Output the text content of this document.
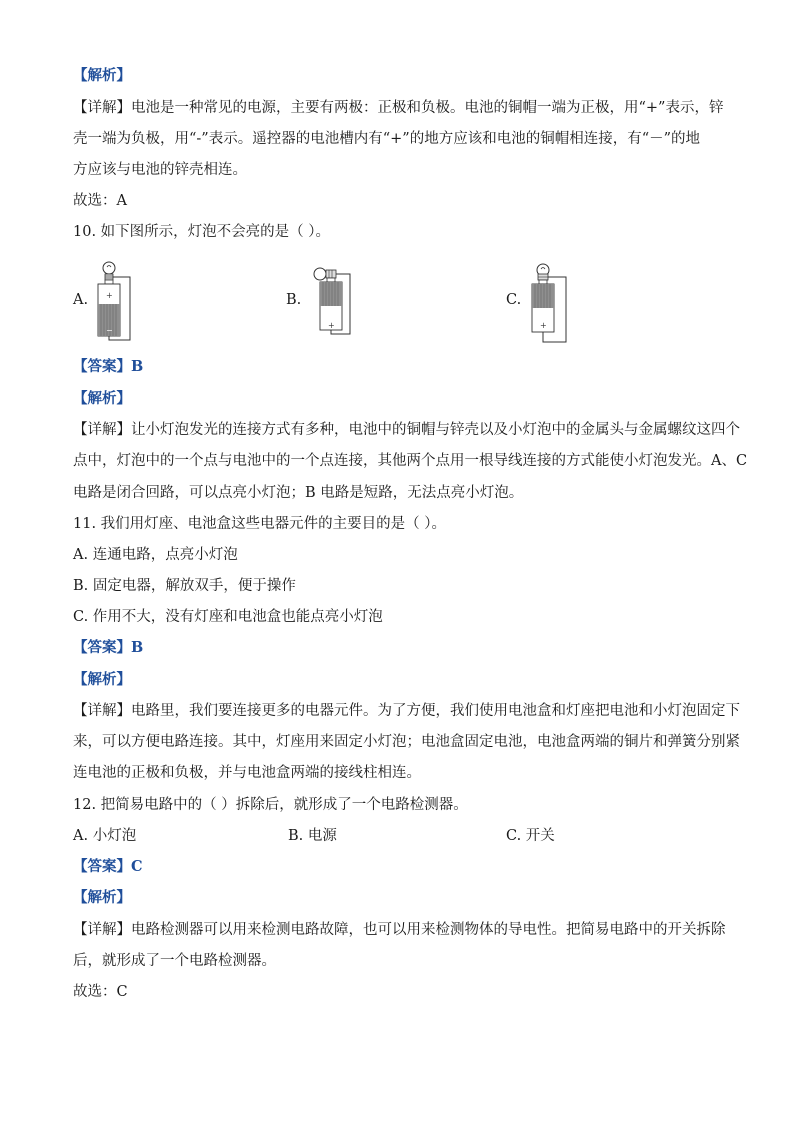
【解析】
【详解】电池是一种常见的电源，主要有两极：正极和负极。电池的铜帽一端为正极，用“+”表示，锌
壳一端为负极，用“-”表示。遥控器的电池槽内有“+”的地方应该和电池的铜帽相连接，有“－”的地
方应该与电池的锌壳相连。
故选：A
10. 如下图所示，灯泡不会亮的是（ ）。
A. +
−
B.
+
C.
+
【答案】B
【解析】
【详解】让小灯泡发光的连接方式有多种，电池中的铜帽与锌壳以及小灯泡中的金属头与金属螺纹这四个
点中，灯泡中的一个点与电池中的一个点连接，其他两个点用一根导线连接的方式能使小灯泡发光。A、C
电路是闭合回路，可以点亮小灯泡；B 电路是短路，无法点亮小灯泡。
11. 我们用灯座、电池盒这些电器元件的主要目的是（ ）。
A. 连通电路，点亮小灯泡
B. 固定电器，解放双手，便于操作
C. 作用不大，没有灯座和电池盒也能点亮小灯泡
【答案】B
【解析】
【详解】电路里，我们要连接更多的电器元件。为了方便，我们使用电池盒和灯座把电池和小灯泡固定下
来，可以方便电路连接。其中，灯座用来固定小灯泡；电池盒固定电池，电池盒两端的铜片和弹簧分别紧
连电池的正极和负极，并与电池盒两端的接线柱相连。
12. 把简易电路中的（ ）拆除后，就形成了一个电路检测器。
A. 小灯泡	B. 电源	C. 开关
【答案】C
【解析】
【详解】电路检测器可以用来检测电路故障，也可以用来检测物体的导电性。把简易电路中的开关拆除
后，就形成了一个电路检测器。
故选：C
